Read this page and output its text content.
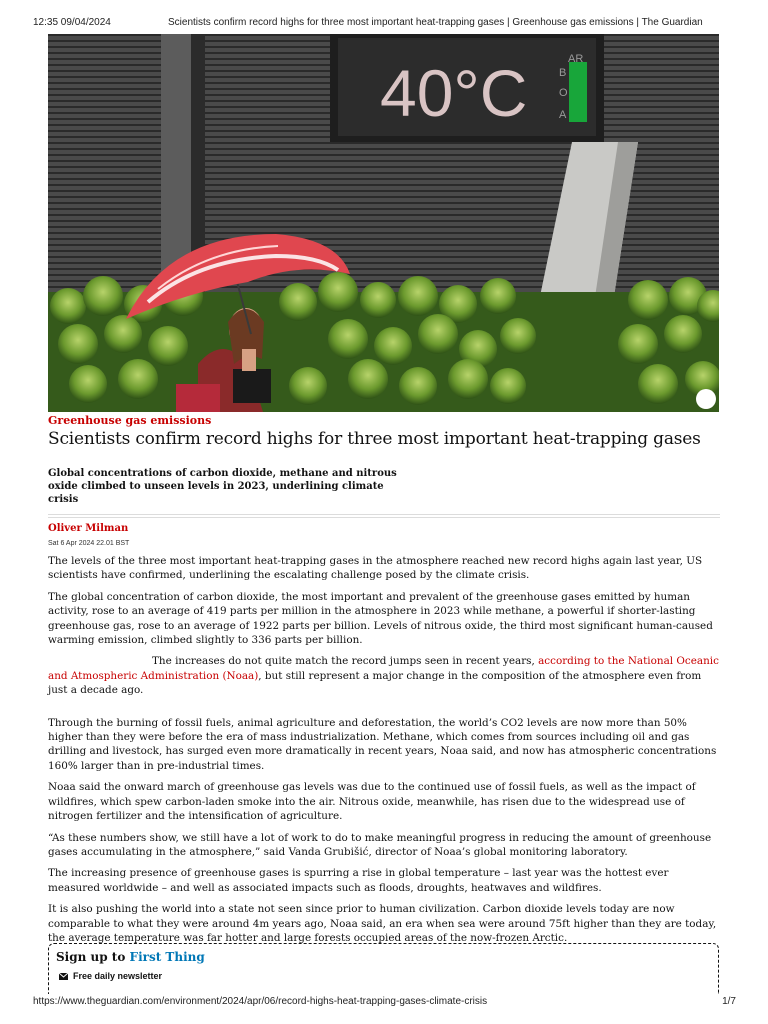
12:35 09/04/2024	Scientists confirm record highs for three most important heat-trapping gases | Greenhouse gas emissions | The Guardian
40°C	AR
B
O
A

Greenhouse gas emissions

Scientists confirm record highs for three most important heat-trapping gases

Global concentrations of carbon dioxide, methane and nitrous oxide climbed to unseen levels in 2023, underlining climate crisis

Oliver Milman

Sat 6 Apr 2024 22.01 BST

The levels of the three most important heat-trapping gases in the atmosphere reached new record highs again last year, US scientists have confirmed, underlining the escalating challenge posed by the climate crisis.

The global concentration of carbon dioxide, the most important and prevalent of the greenhouse gases emitted by human activity, rose to an average of 419 parts per million in the atmosphere in 2023 while methane, a powerful if shorter-lasting greenhouse gas, rose to an average of 1922 parts per billion. Levels of nitrous oxide, the third most significant human-caused warming emission, climbed slightly to 336 parts per billion.

The increases do not quite match the record jumps seen in recent years, according to the National Oceanic and Atmospheric Administration (Noaa), but still represent a major change in the composition of the atmosphere even from just a decade ago.

Through the burning of fossil fuels, animal agriculture and deforestation, the world’s CO2 levels are now more than 50% higher than they were before the era of mass industrialization. Methane, which comes from sources including oil and gas drilling and livestock, has surged even more dramatically in recent years, Noaa said, and now has atmospheric concentrations 160% larger than in pre-industrial times.

Noaa said the onward march of greenhouse gas levels was due to the continued use of fossil fuels, as well as the impact of wildfires, which spew carbon-laden smoke into the air. Nitrous oxide, meanwhile, has risen due to the widespread use of nitrogen fertilizer and the intensification of agriculture.

“As these numbers show, we still have a lot of work to do to make meaningful progress in reducing the amount of greenhouse gases accumulating in the atmosphere,” said Vanda Grubišić, director of Noaa’s global monitoring laboratory.

The increasing presence of greenhouse gases is spurring a rise in global temperature – last year was the hottest ever measured worldwide – and well as associated impacts such as floods, droughts, heatwaves and wildfires.

It is also pushing the world into a state not seen since prior to human civilization. Carbon dioxide levels today are now comparable to what they were around 4m years ago, Noaa said, an era when sea were around 75ft higher than they are today, the average temperature was far hotter and large forests occupied areas of the now-frozen Arctic.

Sign up to First Thing
Free daily newsletter
https://www.theguardian.com/environment/2024/apr/06/record-highs-heat-trapping-gases-climate-crisis	1/7
